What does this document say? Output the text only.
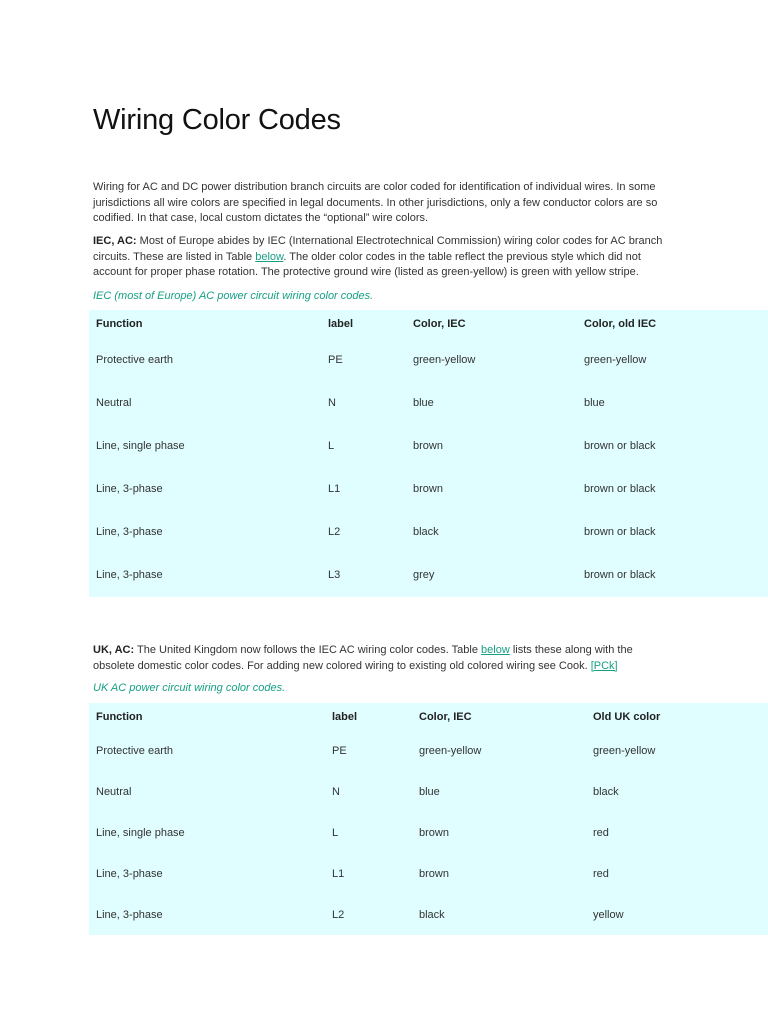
Wiring Color Codes

Wiring for AC and DC power distribution branch circuits are color coded for identification of individual wires. In some jurisdictions all wire colors are specified in legal documents. In other jurisdictions, only a few conductor colors are so codified. In that case, local custom dictates the “optional” wire colors.

IEC, AC: Most of Europe abides by IEC (International Electrotechnical Commission) wiring color codes for AC branch circuits. These are listed in Table below. The older color codes in the table reflect the previous style which did not account for proper phase rotation. The protective ground wire (listed as green-yellow) is green with yellow stripe.

IEC (most of Europe) AC power circuit wiring color codes.
Function	label	Color, IEC	Color, old IEC
Protective earth	PE	green-yellow	green-yellow
Neutral	N	blue	blue
Line, single phase	L	brown	brown or black
Line, 3-phase	L1	brown	brown or black
Line, 3-phase	L2	black	brown or black
Line, 3-phase	L3	grey	brown or black

UK, AC: The United Kingdom now follows the IEC AC wiring color codes. Table below lists these along with the obsolete domestic color codes. For adding new colored wiring to existing old colored wiring see Cook. [PCk]

UK AC power circuit wiring color codes.
Function	label	Color, IEC	Old UK color
Protective earth	PE	green-yellow	green-yellow
Neutral	N	blue	black
Line, single phase	L	brown	red
Line, 3-phase	L1	brown	red
Line, 3-phase	L2	black	yellow
